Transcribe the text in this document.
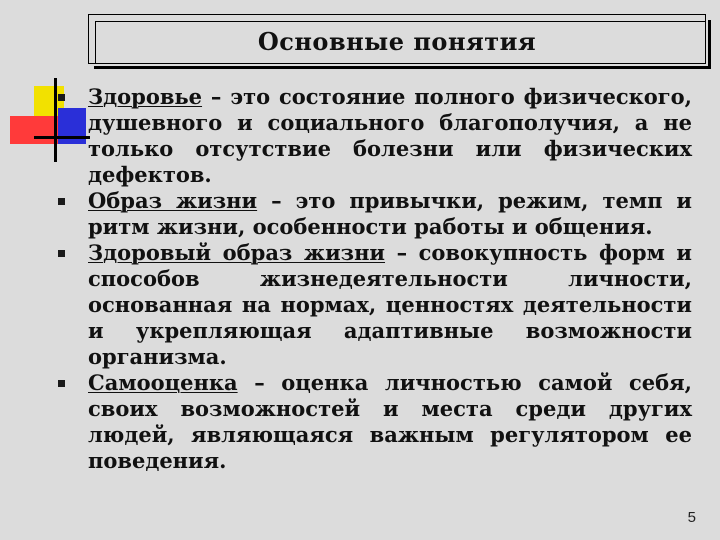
Основные понятия

Здоровье – это состояние полного физического, душевного и социального благополучия, а не только отсутствие болезни или физических дефектов.

Образ жизни – это привычки, режим, темп и ритм жизни, особенности работы и общения.

Здоровый образ жизни – совокупность форм и способов жизнедеятельности личности, основанная на нормах, ценностях деятельности и укрепляющая адаптивные возможности организма.

Самооценка – оценка личностью самой себя, своих возможностей и места среди других людей, являющаяся важным регулятором ее поведения.

5
